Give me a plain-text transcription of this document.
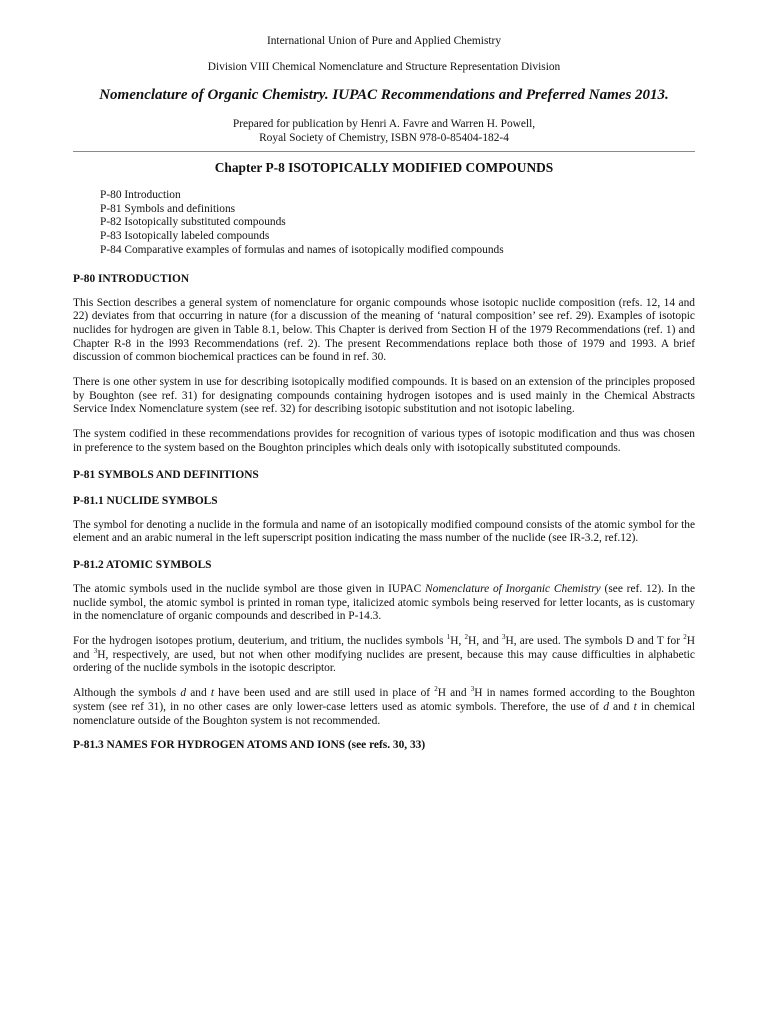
International Union of Pure and Applied Chemistry

Division VIII Chemical Nomenclature and Structure Representation Division

Nomenclature of Organic Chemistry. IUPAC Recommendations and Preferred Names 2013.
Prepared for publication by Henri A. Favre and Warren H. Powell,
Royal Society of Chemistry, ISBN 978-0-85404-182-4
Chapter P-8 ISOTOPICALLY MODIFIED COMPOUNDS
P-80 Introduction
P-81 Symbols and definitions
P-82 Isotopically substituted compounds
P-83 Isotopically labeled compounds
P-84 Comparative examples of formulas and names of isotopically modified compounds
P-80 INTRODUCTION

This Section describes a general system of nomenclature for organic compounds whose isotopic nuclide composition (refs. 12, 14 and 22) deviates from that occurring in nature (for a discussion of the meaning of ‘natural composition’ see ref. 29). Examples of isotopic nuclides for hydrogen are given in Table 8.1, below. This Chapter is derived from Section H of the 1979 Recommendations (ref. 1) and Chapter R-8 in the l993 Recommendations (ref. 2). The present Recommendations replace both those of 1979 and 1993. A brief discussion of common biochemical practices can be found in ref. 30.

There is one other system in use for describing isotopically modified compounds. It is based on an extension of the principles proposed by Boughton (see ref. 31) for designating compounds containing hydrogen isotopes and is used mainly in the Chemical Abstracts Service Index Nomenclature system (see ref. 32) for describing isotopic substitution and not isotopic labeling.

The system codified in these recommendations provides for recognition of various types of isotopic modification and thus was chosen in preference to the system based on the Boughton principles which deals only with isotopically substituted compounds.

P-81 SYMBOLS AND DEFINITIONS
P-81.1 NUCLIDE SYMBOLS

The symbol for denoting a nuclide in the formula and name of an isotopically modified compound consists of the atomic symbol for the element and an arabic numeral in the left superscript position indicating the mass number of the nuclide (see IR-3.2, ref.12).

P-81.2 ATOMIC SYMBOLS

The atomic symbols used in the nuclide symbol are those given in IUPAC Nomenclature of Inorganic Chemistry (see ref. 12). In the nuclide symbol, the atomic symbol is printed in roman type, italicized atomic symbols being reserved for letter locants, as is customary in the nomenclature of organic compounds and described in P-14.3.

For the hydrogen isotopes protium, deuterium, and tritium, the nuclides symbols $^1$H, $^2$H, and $^3$H, are used. The symbols D and T for $^2$H and $^3$H, respectively, are used, but not when other modifying nuclides are present, because this may cause difficulties in alphabetic ordering of the nuclide symbols in the isotopic descriptor.

Although the symbols d and t have been used and are still used in place of $^2$H and $^3$H in names formed according to the Boughton system (see ref 31), in no other cases are only lower-case letters used as atomic symbols. Therefore, the use of d and t in chemical nomenclature outside of the Boughton system is not recommended.

P-81.3 NAMES FOR HYDROGEN ATOMS AND IONS (see refs. 30, 33)
